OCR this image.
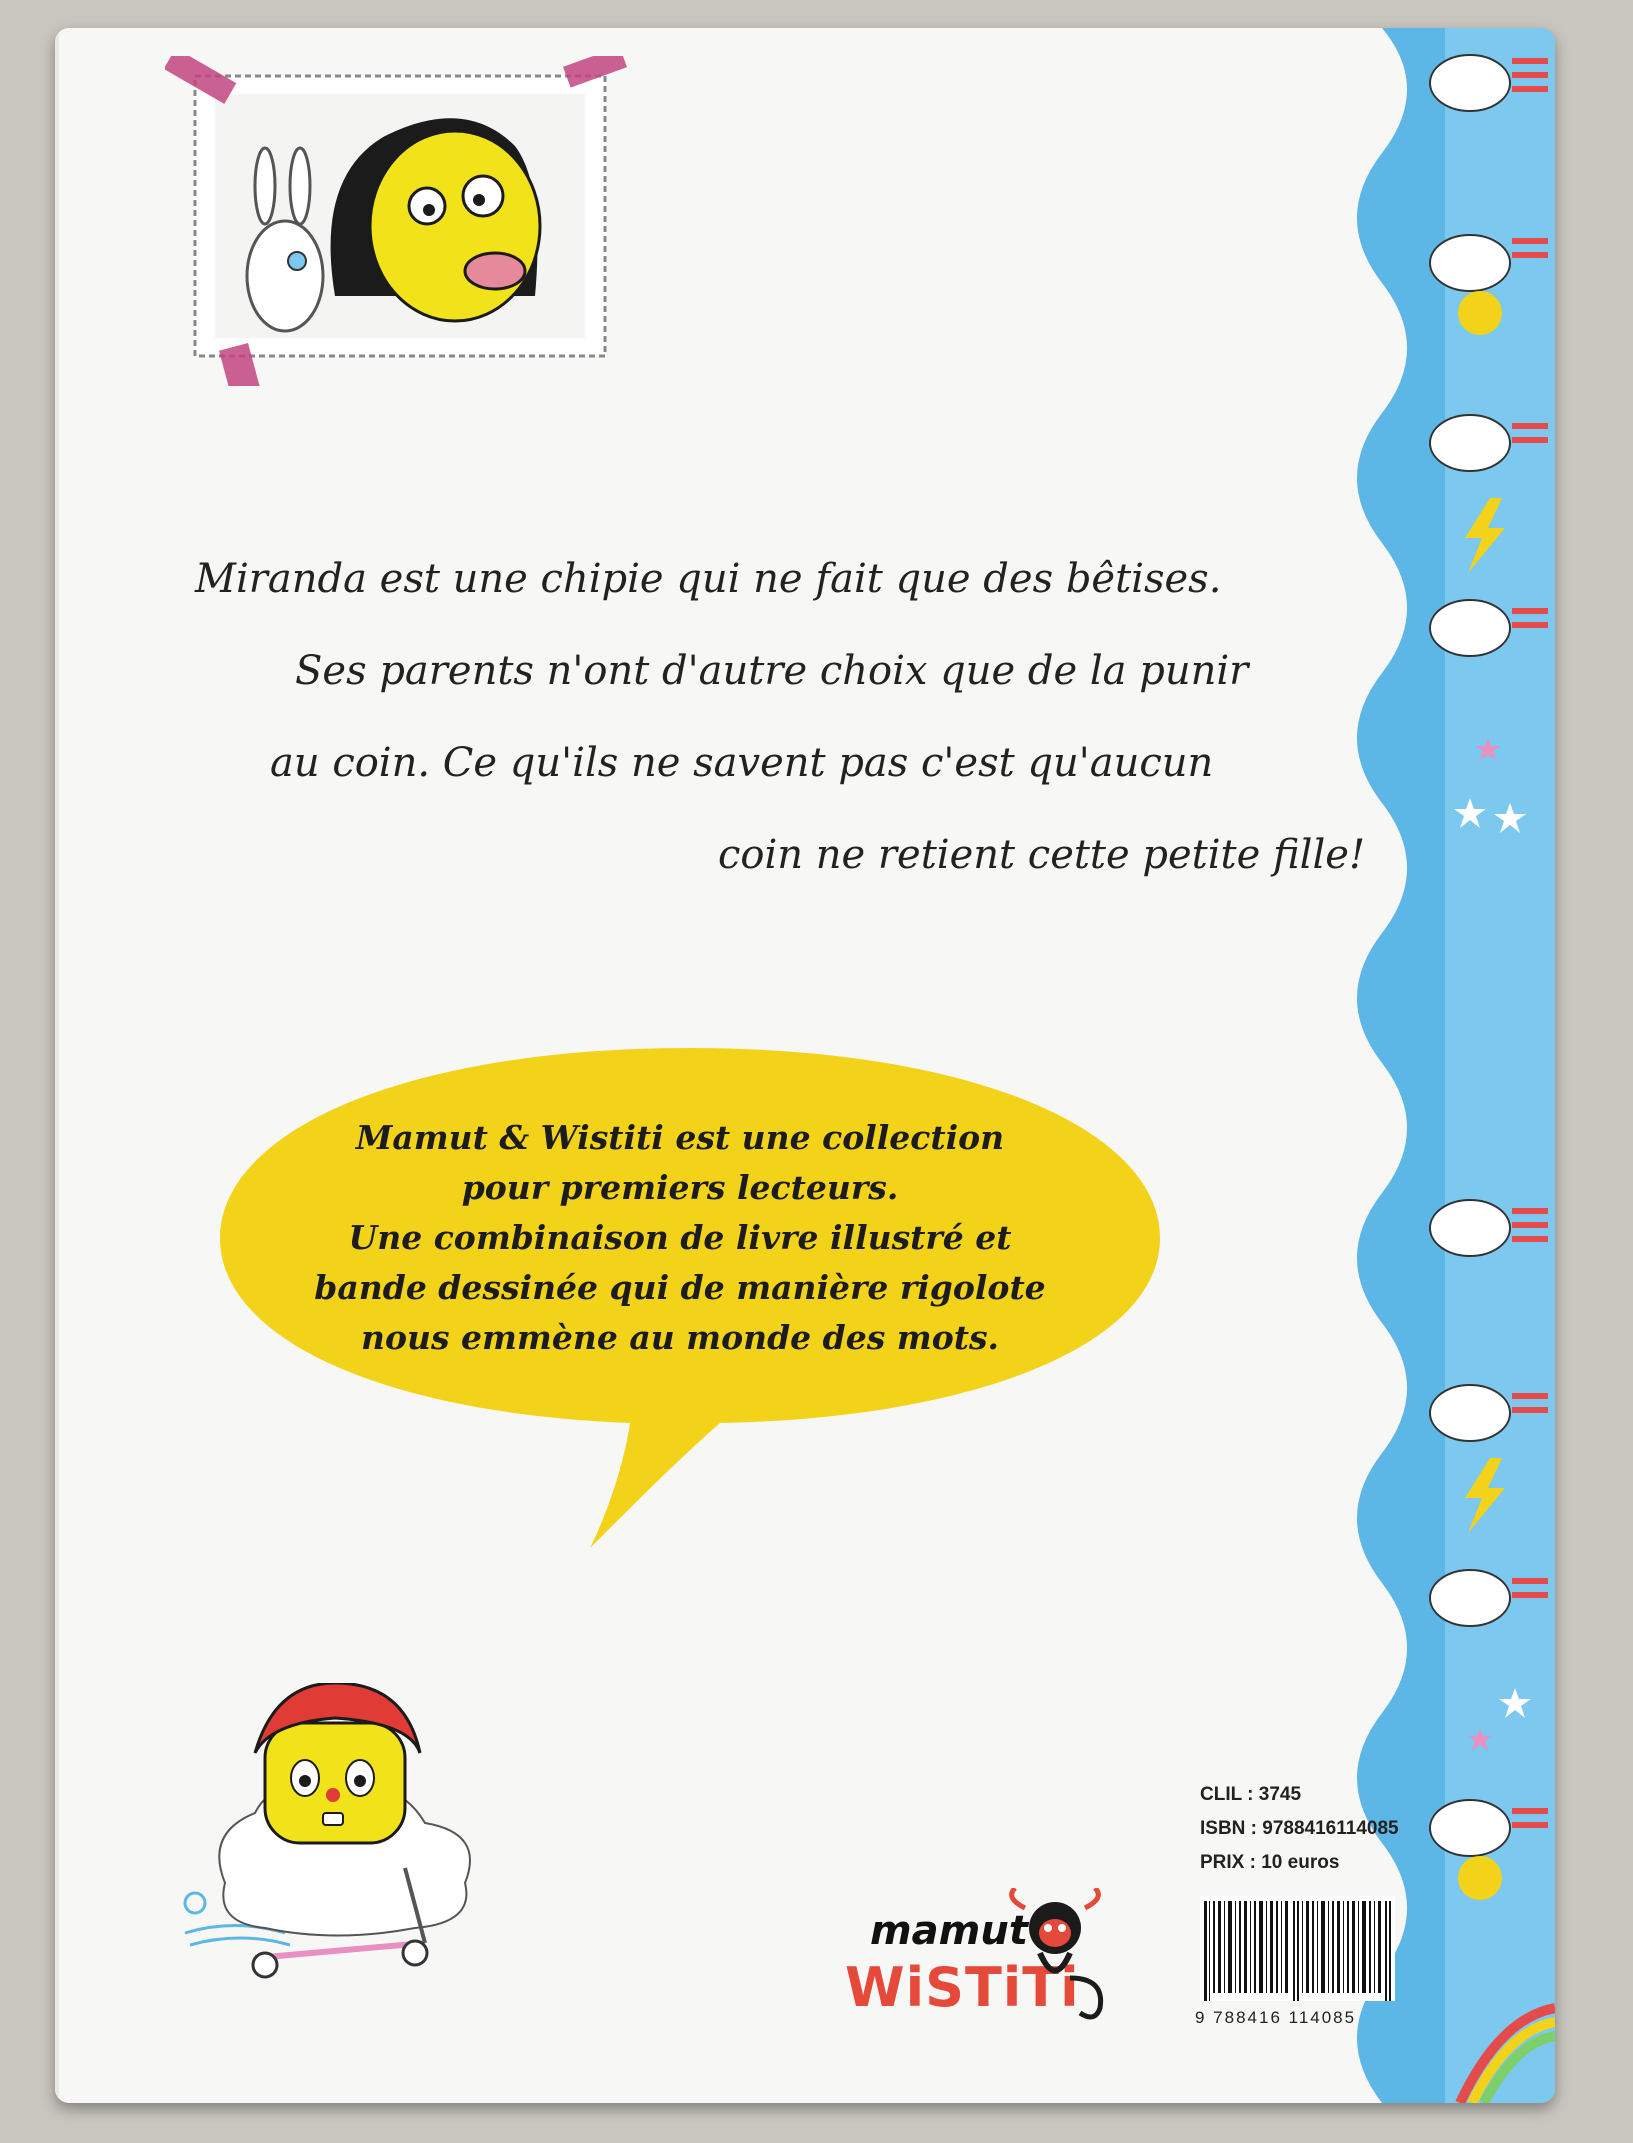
Miranda est une chipie qui ne fait que des bêtises.
Ses parents n'ont d'autre choix que de la punir
au coin. Ce qu'ils ne savent pas c'est qu'aucun
coin ne retient cette petite fille!
Mamut & Wistiti est une collection
pour premiers lecteurs.
Une combinaison de livre illustré et
bande dessinée qui de manière rigolote
nous emmène au monde des mots.
mamut
WiSTiTi
CLIL : 3745
ISBN : 9788416114085
PRIX : 10 euros
9 788416 114085
